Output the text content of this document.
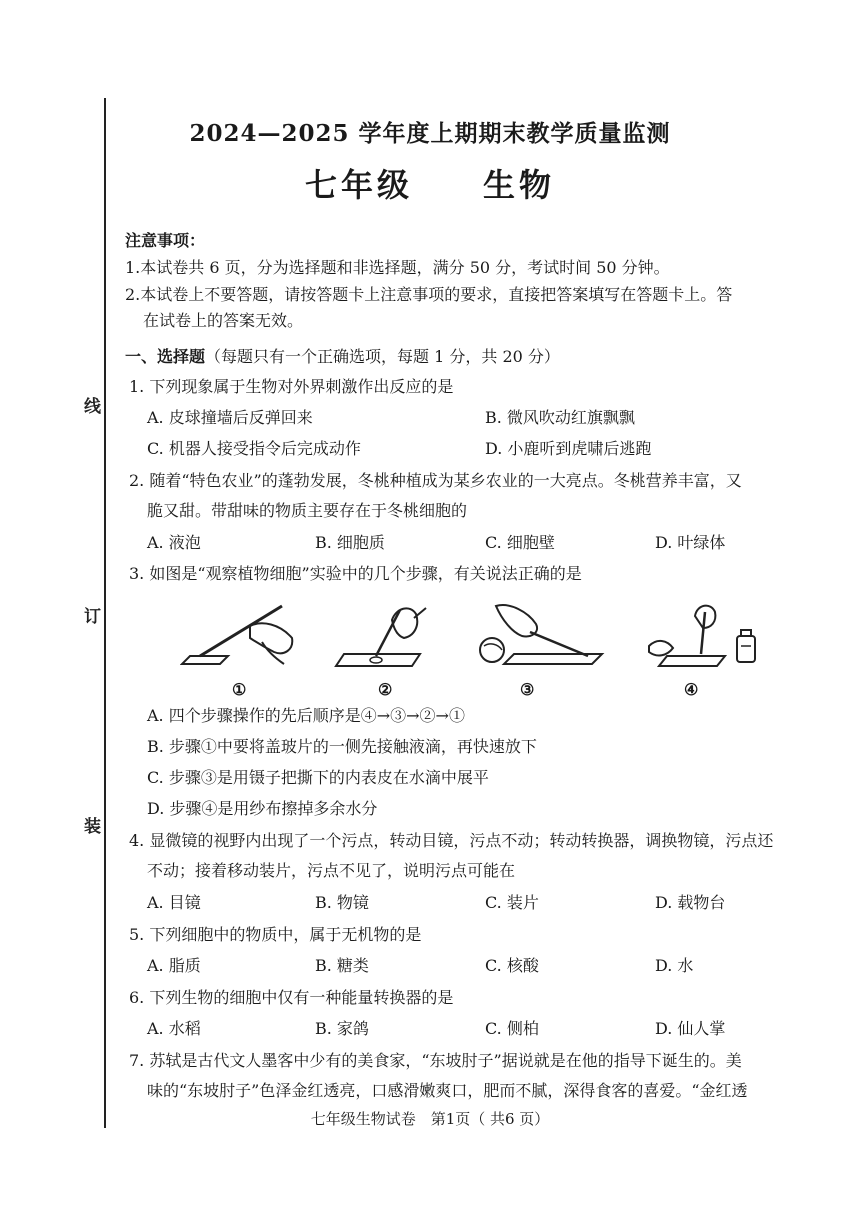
线
订
装
2024—2025 学年度上期期末教学质量监测
七年级 生物
注意事项：
1.本试卷共 6 页，分为选择题和非选择题，满分 50 分，考试时间 50 分钟。
2.本试卷上不要答题，请按答题卡上注意事项的要求，直接把答案填写在答题卡上。答
在试卷上的答案无效。
一、选择题（每题只有一个正确选项，每题 1 分，共 20 分）
1. 下列现象属于生物对外界刺激作出反应的是
A. 皮球撞墙后反弹回来	B. 微风吹动红旗飘飘
C. 机器人接受指令后完成动作	D. 小鹿听到虎啸后逃跑
2. 随着“特色农业”的蓬勃发展，冬桃种植成为某乡农业的一大亮点。冬桃营养丰富，又
脆又甜。带甜味的物质主要存在于冬桃细胞的
A. 液泡	B. 细胞质	C. 细胞壁	D. 叶绿体
3. 如图是“观察植物细胞”实验中的几个步骤，有关说法正确的是
①	②	③	④
A. 四个步骤操作的先后顺序是④→③→②→①
B. 步骤①中要将盖玻片的一侧先接触液滴，再快速放下
C. 步骤③是用镊子把撕下的内表皮在水滴中展平
D. 步骤④是用纱布擦掉多余水分
4. 显微镜的视野内出现了一个污点，转动目镜，污点不动；转动转换器，调换物镜，污点还
不动；接着移动装片，污点不见了，说明污点可能在
A. 目镜	B. 物镜	C. 装片	D. 载物台
5. 下列细胞中的物质中，属于无机物的是
A. 脂质	B. 糖类	C. 核酸	D. 水
6. 下列生物的细胞中仅有一种能量转换器的是
A. 水稻	B. 家鸽	C. 侧柏	D. 仙人掌
7. 苏轼是古代文人墨客中少有的美食家，“东坡肘子”据说就是在他的指导下诞生的。美
味的“东坡肘子”色泽金红透亮，口感滑嫩爽口，肥而不腻，深得食客的喜爱。“金红透
七年级生物试卷　第1页（ 共6 页）
